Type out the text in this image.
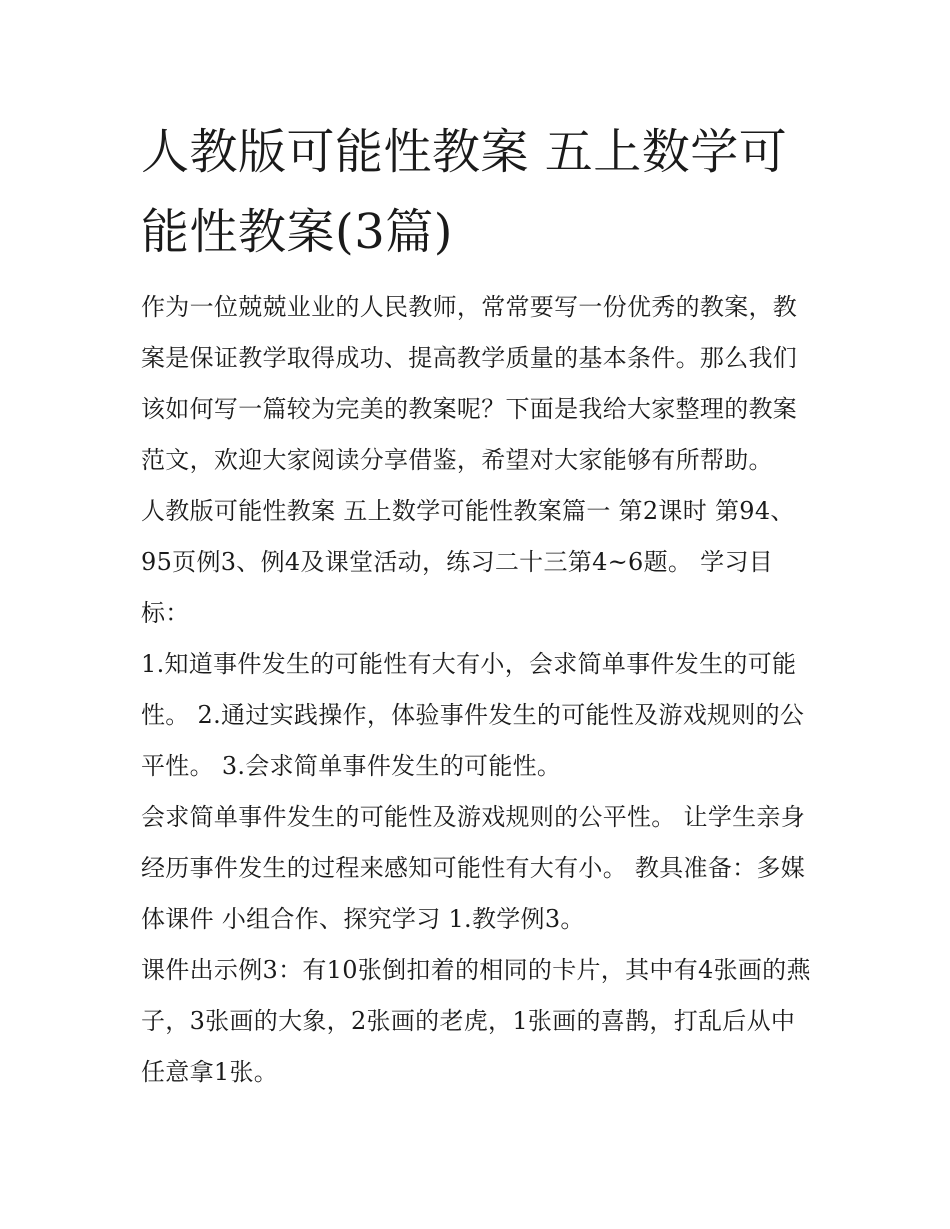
人教版可能性教案 五上数学可能性教案(3篇)

作为一位兢兢业业的人民教师，常常要写一份优秀的教案，教案是保证教学取得成功、提高教学质量的基本条件。那么我们该如何写一篇较为完美的教案呢？下面是我给大家整理的教案范文，欢迎大家阅读分享借鉴，希望对大家能够有所帮助。

人教版可能性教案 五上数学可能性教案篇一 第2课时 第94、95页例3、例4及课堂活动，练习二十三第4~6题。 学习目标：

1.知道事件发生的可能性有大有小，会求简单事件发生的可能性。 2.通过实践操作，体验事件发生的可能性及游戏规则的公平性。 3.会求简单事件发生的可能性。

会求简单事件发生的可能性及游戏规则的公平性。 让学生亲身经历事件发生的过程来感知可能性有大有小。 教具准备：多媒体课件 小组合作、探究学习 1.教学例3。

课件出示例3：有10张倒扣着的相同的卡片，其中有4张画的燕子，3张画的大象，2张画的老虎，1张画的喜鹊，打乱后从中任意拿1张。
